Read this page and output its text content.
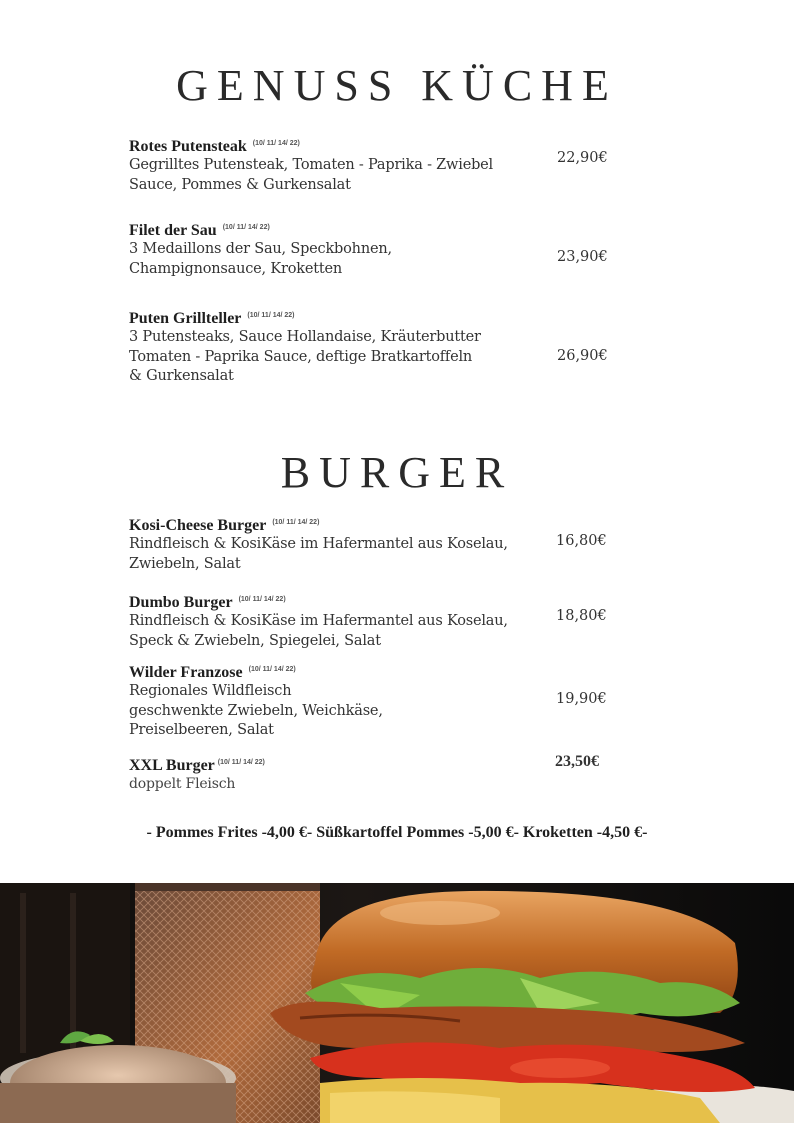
GENUSS KÜCHE
Rotes Putensteak $^{(10/ 11/ 14/ 22)}$
Gegrilltes Putensteak, Tomaten - Paprika - Zwiebel
Sauce, Pommes & Gurkensalat
22,90€
Filet der Sau $^{(10/ 11/ 14/ 22)}$
3 Medaillons der Sau, Speckbohnen,
Champignonsauce, Kroketten
23,90€
Puten Grillteller $^{(10/ 11/ 14/ 22)}$
3 Putensteaks, Sauce Hollandaise, Kräuterbutter
Tomaten - Paprika Sauce, deftige Bratkartoffeln
& Gurkensalat
26,90€
BURGER
Kosi-Cheese Burger $^{(10/ 11/ 14/ 22)}$
Rindfleisch & KosiKäse im Hafermantel aus Koselau,
Zwiebeln, Salat
16,80€
Dumbo Burger $^{(10/ 11/ 14/ 22)}$
Rindfleisch & KosiKäse im Hafermantel aus Koselau,
Speck & Zwiebeln, Spiegelei, Salat
18,80€
Wilder Franzose $^{(10/ 11/ 14/ 22)}$
Regionales Wildfleisch
geschwenkte Zwiebeln, Weichkäse,
Preiselbeeren, Salat
19,90€
XXL Burger $^{(10/ 11/ 14/ 22)}$
doppelt Fleisch
23,50€
- Pommes Frites -4,00 €- Süßkartoffel Pommes -5,00 €- Kroketten -4,50 €-
